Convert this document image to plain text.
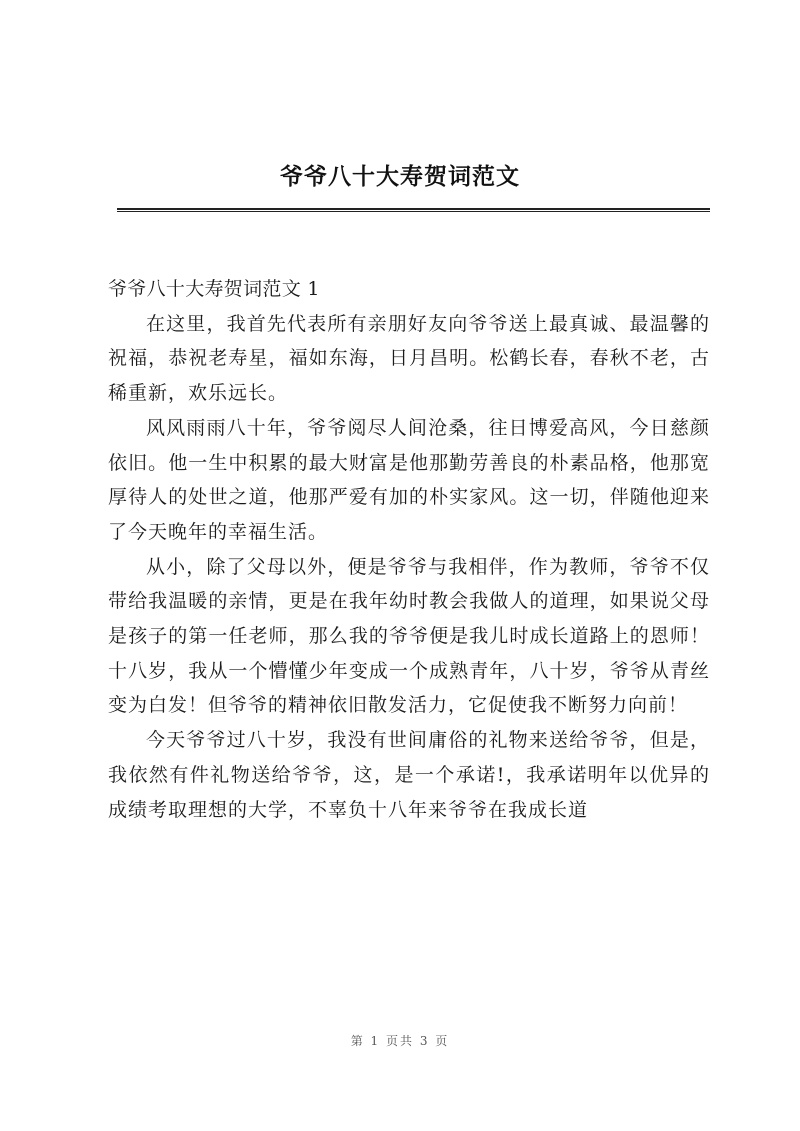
爷爷八十大寿贺词范文

爷爷八十大寿贺词范文 1

在这里，我首先代表所有亲朋好友向爷爷送上最真诚、最温馨的祝福，恭祝老寿星，福如东海，日月昌明。松鹤长春，春秋不老，古稀重新，欢乐远长。

风风雨雨八十年，爷爷阅尽人间沧桑，往日博爱高风，今日慈颜依旧。他一生中积累的最大财富是他那勤劳善良的朴素品格，他那宽厚待人的处世之道，他那严爱有加的朴实家风。这一切，伴随他迎来了今天晚年的幸福生活。

从小，除了父母以外，便是爷爷与我相伴，作为教师，爷爷不仅带给我温暖的亲情，更是在我年幼时教会我做人的道理，如果说父母是孩子的第一任老师，那么我的爷爷便是我儿时成长道路上的恩师！十八岁，我从一个懵懂少年变成一个成熟青年，八十岁，爷爷从青丝变为白发！但爷爷的精神依旧散发活力，它促使我不断努力向前！

今天爷爷过八十岁，我没有世间庸俗的礼物来送给爷爷，但是，我依然有件礼物送给爷爷，这，是一个承诺!，我承诺明年以优异的成绩考取理想的大学，不辜负十八年来爷爷在我成长道

第 1 页共 3 页
